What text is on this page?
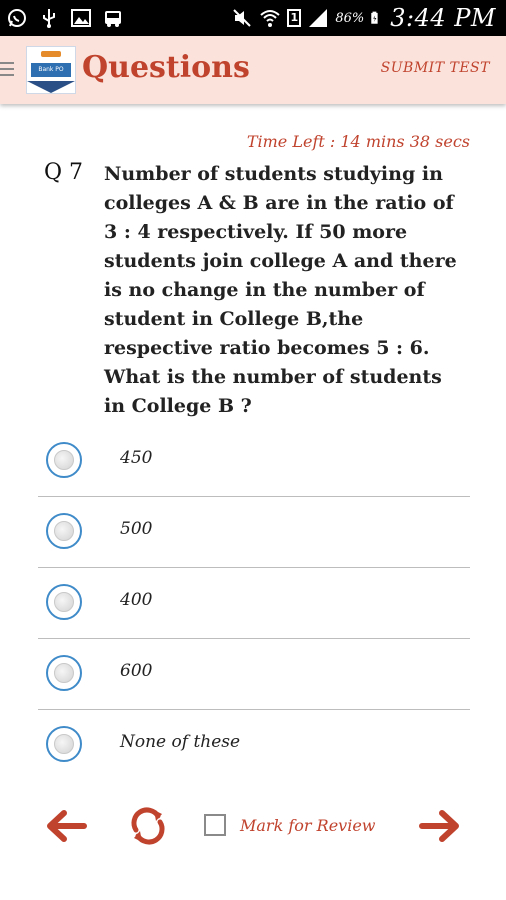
1	86% 3:44 PM
Bank PO Questions	SUBMIT TEST
Time Left : 14 mins 38 secs
Q 7 Number of students studying in colleges A & B are in the ratio of 3 : 4 respectively. If 50 more students join college A and there is no change in the number of student in College B,the respective ratio becomes 5 : 6. What is the number of students in College B ?
450
500
400
600
None of these
Mark for Review
